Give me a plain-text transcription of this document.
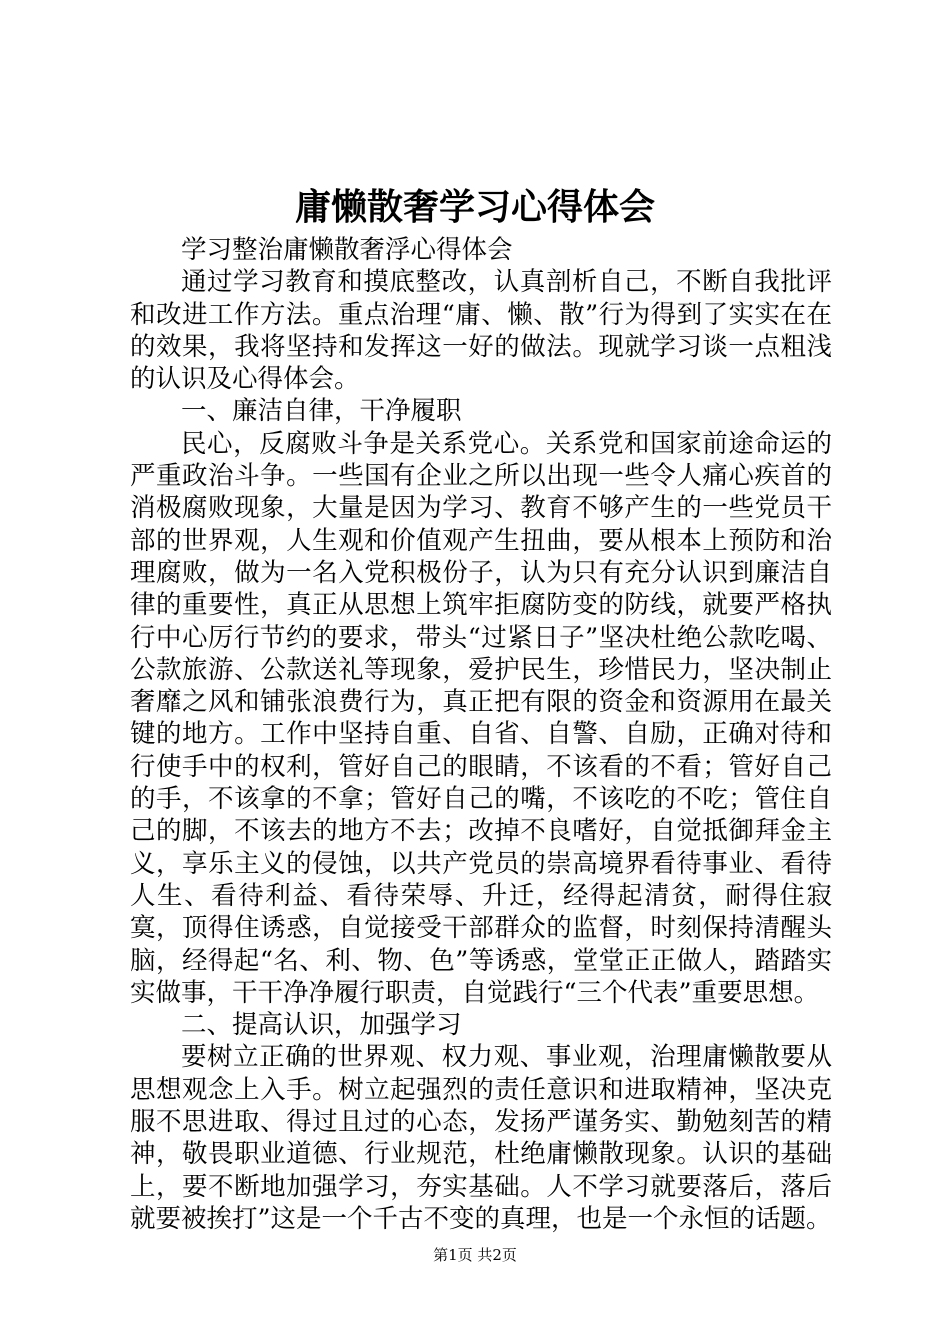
庸懒散奢学习心得体会

学习整治庸懒散奢浮心得体会

通过学习教育和摸底整改，认真剖析自己，不断自我批评和改进工作方法。重点治理“庸、懒、散”行为得到了实实在在的效果，我将坚持和发挥这一好的做法。现就学习谈一点粗浅的认识及心得体会。

一、廉洁自律，干净履职

民心，反腐败斗争是关系党心。关系党和国家前途命运的严重政治斗争。一些国有企业之所以出现一些令人痛心疾首的消极腐败现象，大量是因为学习、教育不够产生的一些党员干部的世界观，人生观和价值观产生扭曲，要从根本上预防和治理腐败，做为一名入党积极份子，认为只有充分认识到廉洁自律的重要性，真正从思想上筑牢拒腐防变的防线，就要严格执行中心厉行节约的要求，带头“过紧日子”坚决杜绝公款吃喝、公款旅游、公款送礼等现象，爱护民生，珍惜民力，坚决制止奢靡之风和铺张浪费行为，真正把有限的资金和资源用在最关键的地方。工作中坚持自重、自省、自警、自励，正确对待和行使手中的权利，管好自己的眼睛，不该看的不看；管好自己的手，不该拿的不拿；管好自己的嘴，不该吃的不吃；管住自己的脚，不该去的地方不去；改掉不良嗜好，自觉抵御拜金主义，享乐主义的侵蚀，以共产党员的崇高境界看待事业、看待人生、看待利益、看待荣辱、升迁，经得起清贫，耐得住寂寞，顶得住诱惑，自觉接受干部群众的监督，时刻保持清醒头脑，经得起“名、利、物、色”等诱惑，堂堂正正做人，踏踏实实做事，干干净净履行职责，自觉践行“三个代表”重要思想。

二、提高认识，加强学习

要树立正确的世界观、权力观、事业观，治理庸懒散要从思想观念上入手。树立起强烈的责任意识和进取精神，坚决克服不思进取、得过且过的心态，发扬严谨务实、勤勉刻苦的精神，敬畏职业道德、行业规范，杜绝庸懒散现象。认识的基础上，要不断地加强学习，夯实基础。人不学习就要落后，落后就要被挨打”这是一个千古不变的真理，也是一个永恒的话题。

第1页 共2页
